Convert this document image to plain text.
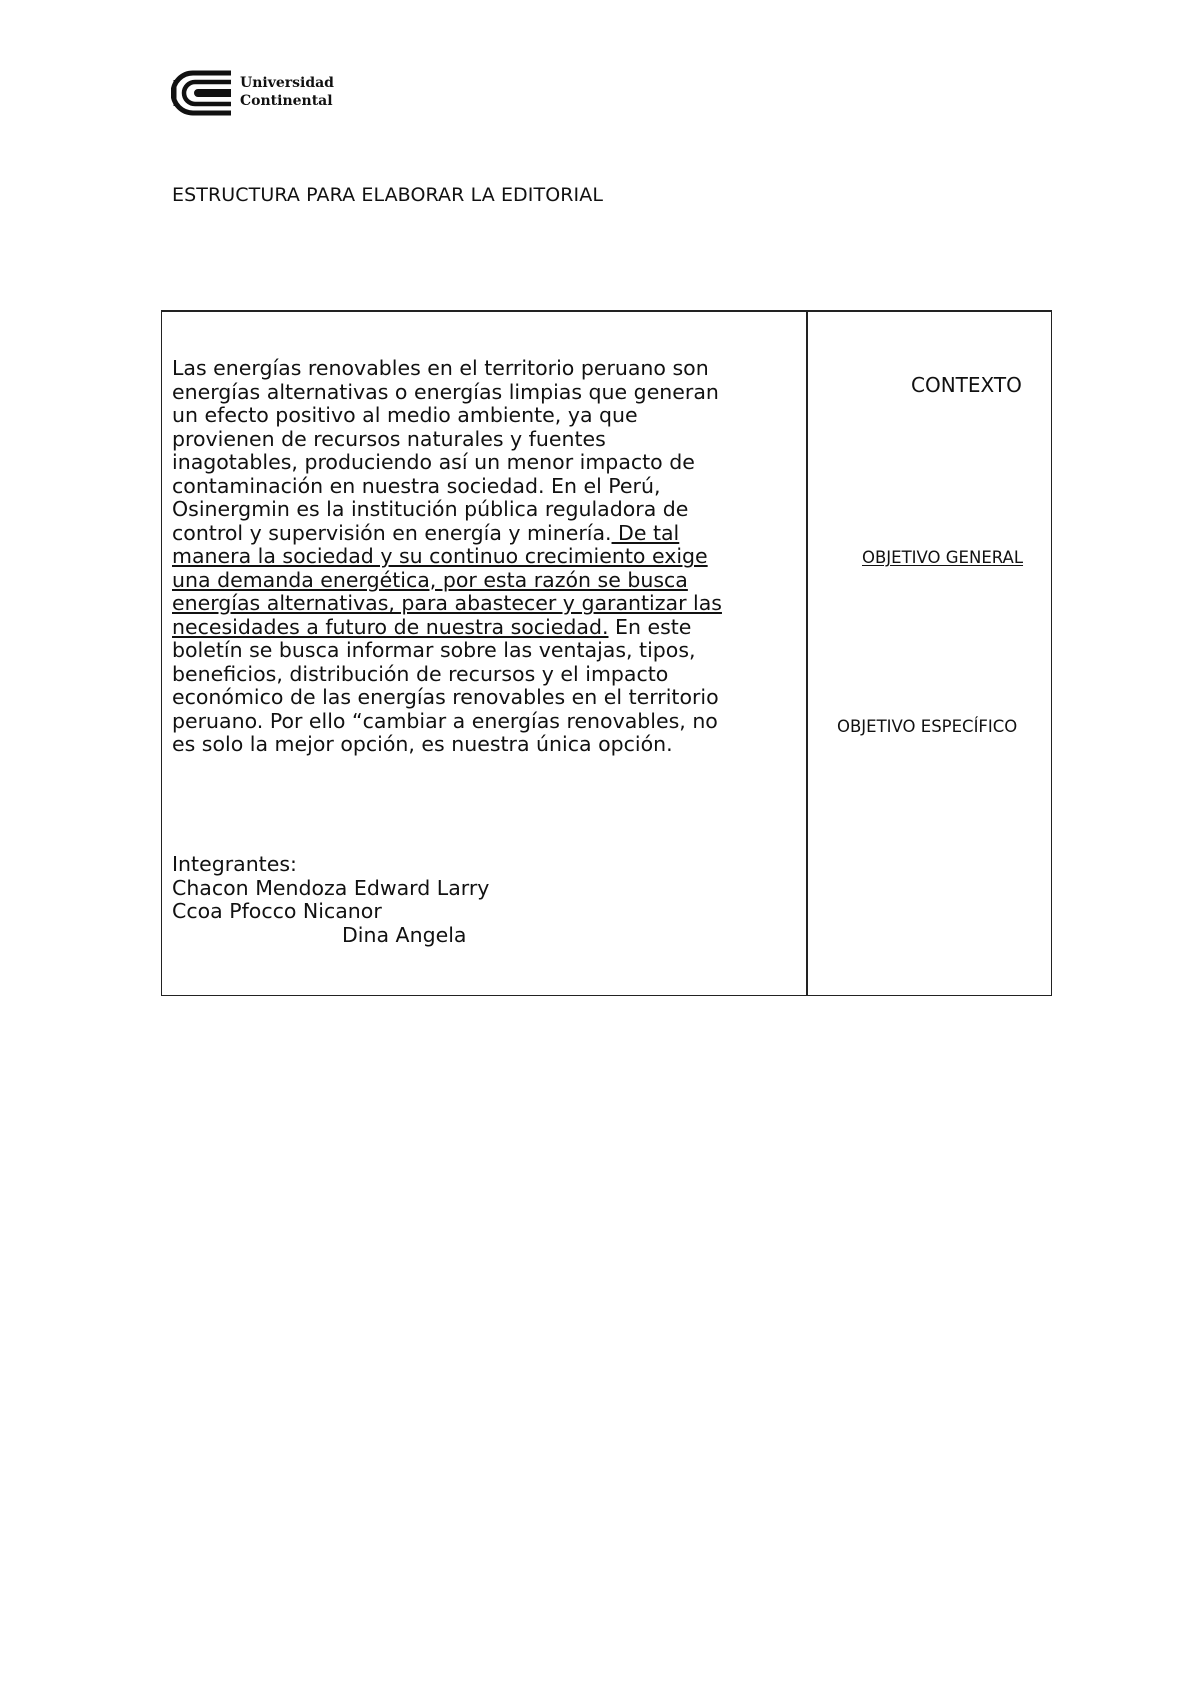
Universidad
Continental
ESTRUCTURA PARA ELABORAR LA EDITORIAL
Las energías renovables en el territorio peruano son
energías alternativas o energías limpias que generan
un efecto positivo al medio ambiente, ya que
provienen de recursos naturales y fuentes
inagotables, produciendo así un menor impacto de
contaminación en nuestra sociedad. En el Perú,
Osinergmin es la institución pública reguladora de
control y supervisión en energía y minería. De tal
manera la sociedad y su continuo crecimiento exige
una demanda energética, por esta razón se busca
energías alternativas, para abastecer y garantizar las
necesidades a futuro de nuestra sociedad. En este
boletín se busca informar sobre las ventajas, tipos,
beneficios, distribución de recursos y el impacto
económico de las energías renovables en el territorio
peruano. Por ello “cambiar a energías renovables, no
es solo la mejor opción, es nuestra única opción.
Integrantes:
Chacon Mendoza Edward Larry
Ccoa Pfocco Nicanor
Dina Angela
CONTEXTO
OBJETIVO GENERAL
OBJETIVO ESPECÍFICO
